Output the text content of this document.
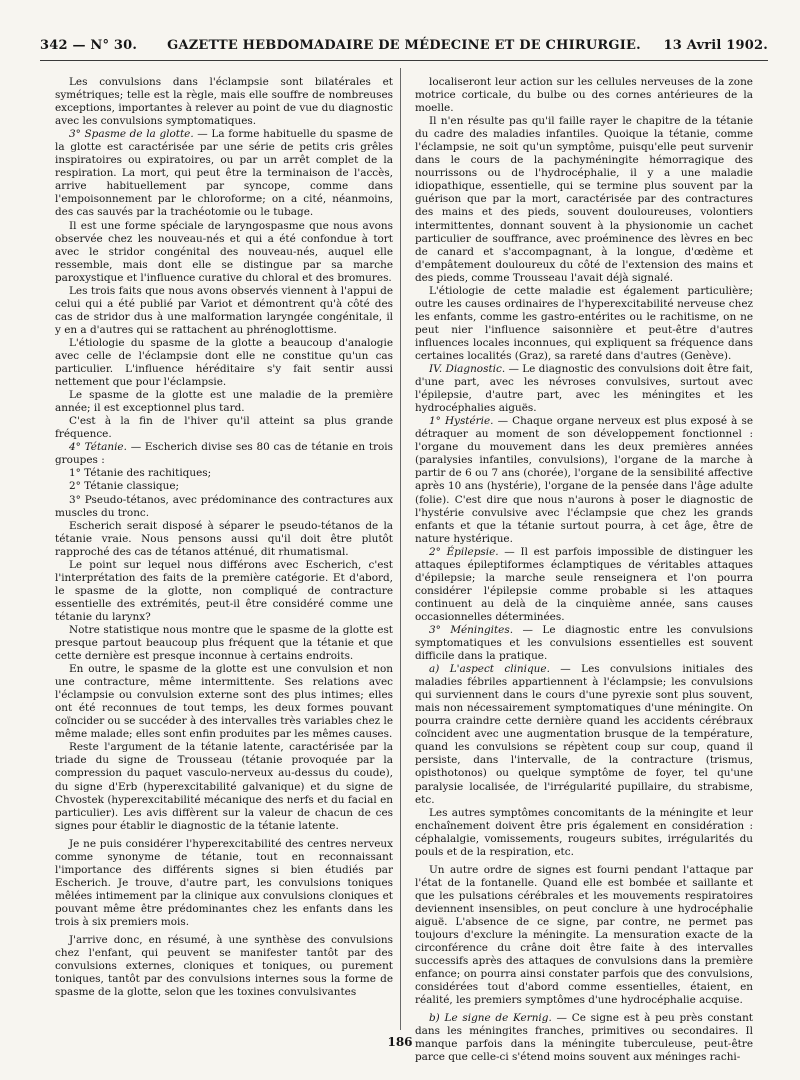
342 — N° 30.	GAZETTE HEBDOMADAIRE DE MÉDECINE ET DE CHIRURGIE.	13 Avril 1902.

Les convulsions dans l'éclampsie sont bilatérales et symétriques; telle est la règle, mais elle souffre de nombreuses exceptions, importantes à relever au point de vue du diagnostic avec les convulsions symptomatiques.

3° Spasme de la glotte. — La forme habituelle du spasme de la glotte est caractérisée par une série de petits cris grêles inspiratoires ou expiratoires, ou par un arrêt complet de la respiration. La mort, qui peut être la terminaison de l'accès, arrive habituellement par syncope, comme dans l'empoisonnement par le chloroforme; on a cité, néanmoins, des cas sauvés par la trachéotomie ou le tubage.

Il est une forme spéciale de laryngospasme que nous avons observée chez les nouveau-nés et qui a été confondue à tort avec le stridor congénital des nouveau-nés, auquel elle ressemble, mais dont elle se distingue par sa marche paroxystique et l'influence curative du chloral et des bromures.

Les trois faits que nous avons observés viennent à l'appui de celui qui a été publié par Variot et démontrent qu'à côté des cas de stridor dus à une malformation laryngée congénitale, il y en a d'autres qui se rattachent au phrénoglottisme.

L'étiologie du spasme de la glotte a beaucoup d'analogie avec celle de l'éclampsie dont elle ne constitue qu'un cas particulier. L'influence héréditaire s'y fait sentir aussi nettement que pour l'éclampsie.

Le spasme de la glotte est une maladie de la première année; il est exceptionnel plus tard.

C'est à la fin de l'hiver qu'il atteint sa plus grande fréquence.

4° Tétanie. — Escherich divise ses 80 cas de tétanie en trois groupes :

1° Tétanie des rachitiques;

2° Tétanie classique;

3° Pseudo-tétanos, avec prédominance des contractures aux muscles du tronc.

Escherich serait disposé à séparer le pseudo-tétanos de la tétanie vraie. Nous pensons aussi qu'il doit être plutôt rapproché des cas de tétanos atténué, dit rhumatismal.

Le point sur lequel nous différons avec Escherich, c'est l'interprétation des faits de la première catégorie. Et d'abord, le spasme de la glotte, non compliqué de contracture essentielle des extrémités, peut-il être considéré comme une tétanie du larynx?

Notre statistique nous montre que le spasme de la glotte est presque partout beaucoup plus fréquent que la tétanie et que cette dernière est presque inconnue à certains endroits.

En outre, le spasme de la glotte est une convulsion et non une contracture, même intermittente. Ses relations avec l'éclampsie ou convulsion externe sont des plus intimes; elles ont été reconnues de tout temps, les deux formes pouvant coïncider ou se succéder à des intervalles très variables chez le même malade; elles sont enfin produites par les mêmes causes.

Reste l'argument de la tétanie latente, caractérisée par la triade du signe de Trousseau (tétanie provoquée par la compression du paquet vasculo-nerveux au-dessus du coude), du signe d'Erb (hyperexcitabilité galvanique) et du signe de Chvostek (hyperexcitabilité mécanique des nerfs et du facial en particulier). Les avis diffèrent sur la valeur de chacun de ces signes pour établir le diagnostic de la tétanie latente.

Je ne puis considérer l'hyperexcitabilité des centres nerveux comme synonyme de tétanie, tout en reconnaissant l'importance des différents signes si bien étudiés par Escherich. Je trouve, d'autre part, les convulsions toniques mêlées intimement par la clinique aux convulsions cloniques et pouvant même être prédominantes chez les enfants dans les trois à six premiers mois.

J'arrive donc, en résumé, à une synthèse des convulsions chez l'enfant, qui peuvent se manifester tantôt par des convulsions externes, cloniques et toniques, ou purement toniques, tantôt par des convulsions internes sous la forme de spasme de la glotte, selon que les toxines convulsivantes

localiseront leur action sur les cellules nerveuses de la zone motrice corticale, du bulbe ou des cornes antérieures de la moelle.

Il n'en résulte pas qu'il faille rayer le chapitre de la tétanie du cadre des maladies infantiles. Quoique la tétanie, comme l'éclampsie, ne soit qu'un symptôme, puisqu'elle peut survenir dans le cours de la pachyméningite hémorragique des nourrissons ou de l'hydrocéphalie, il y a une maladie idiopathique, essentielle, qui se termine plus souvent par la guérison que par la mort, caractérisée par des contractures des mains et des pieds, souvent douloureuses, volontiers intermittentes, donnant souvent à la physionomie un cachet particulier de souffrance, avec proéminence des lèvres en bec de canard et s'accompagnant, à la longue, d'œdème et d'empâtement douloureux du côté de l'extension des mains et des pieds, comme Trousseau l'avait déjà signalé.

L'étiologie de cette maladie est également particulière; outre les causes ordinaires de l'hyperexcitabilité nerveuse chez les enfants, comme les gastro-entérites ou le rachitisme, on ne peut nier l'influence saisonnière et peut-être d'autres influences locales inconnues, qui expliquent sa fréquence dans certaines localités (Graz), sa rareté dans d'autres (Genève).

IV. Diagnostic. — Le diagnostic des convulsions doit être fait, d'une part, avec les névroses convulsives, surtout avec l'épilepsie, d'autre part, avec les méningites et les hydrocéphalies aiguës.

1° Hystérie. — Chaque organe nerveux est plus exposé à se détraquer au moment de son développement fonctionnel : l'organe du mouvement dans les deux premières années (paralysies infantiles, convulsions), l'organe de la marche à partir de 6 ou 7 ans (chorée), l'organe de la sensibilité affective après 10 ans (hystérie), l'organe de la pensée dans l'âge adulte (folie). C'est dire que nous n'aurons à poser le diagnostic de l'hystérie convulsive avec l'éclampsie que chez les grands enfants et que la tétanie surtout pourra, à cet âge, être de nature hystérique.

2° Épilepsie. — Il est parfois impossible de distinguer les attaques épileptiformes éclamptiques de véritables attaques d'épilepsie; la marche seule renseignera et l'on pourra considérer l'épilepsie comme probable si les attaques continuent au delà de la cinquième année, sans causes occasionnelles déterminées.

3° Méningites. — Le diagnostic entre les convulsions symptomatiques et les convulsions essentielles est souvent difficile dans la pratique.

a) L'aspect clinique. — Les convulsions initiales des maladies fébriles appartiennent à l'éclampsie; les convulsions qui surviennent dans le cours d'une pyrexie sont plus souvent, mais non nécessairement symptomatiques d'une méningite. On pourra craindre cette dernière quand les accidents cérébraux coïncident avec une augmentation brusque de la température, quand les convulsions se répètent coup sur coup, quand il persiste, dans l'intervalle, de la contracture (trismus, opisthotonos) ou quelque symptôme de foyer, tel qu'une paralysie localisée, de l'irrégularité pupillaire, du strabisme, etc.

Les autres symptômes concomitants de la méningite et leur enchaînement doivent être pris également en considération : céphalalgie, vomissements, rougeurs subites, irrégularités du pouls et de la respiration, etc.

Un autre ordre de signes est fourni pendant l'attaque par l'état de la fontanelle. Quand elle est bombée et saillante et que les pulsations cérébrales et les mouvements respiratoires deviennent insensibles, on peut conclure à une hydrocéphalie aiguë. L'absence de ce signe, par contre, ne permet pas toujours d'exclure la méningite. La mensuration exacte de la circonférence du crâne doit être faite à des intervalles successifs après des attaques de convulsions dans la première enfance; on pourra ainsi constater parfois que des convulsions, considérées tout d'abord comme essentielles, étaient, en réalité, les premiers symptômes d'une hydrocéphalie acquise.

b) Le signe de Kernig. — Ce signe est à peu près constant dans les méningites franches, primitives ou secondaires. Il manque parfois dans la méningite tuberculeuse, peut-être parce que celle-ci s'étend moins souvent aux méninges rachi-

186
